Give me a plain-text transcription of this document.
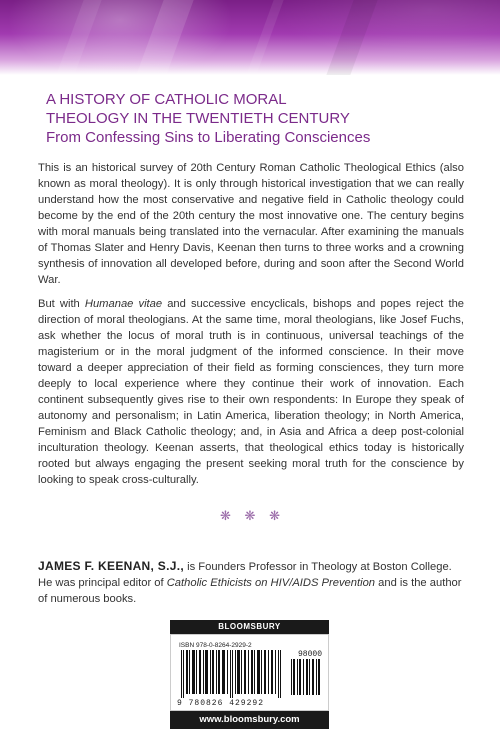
A HISTORY OF CATHOLIC MORAL
THEOLOGY IN THE TWENTIETH CENTURY
From Confessing Sins to Liberating Consciences

This is an historical survey of 20th Century Roman Catholic Theological Ethics (also known as moral theology). It is only through historical investigation that we can really understand how the most conservative and negative field in Catholic theology could become by the end of the 20th century the most innovative one. The century begins with moral manuals being translated into the vernacular. After examining the manuals of Thomas Slater and Henry Davis, Keenan then turns to three works and a crowning synthesis of innovation all developed before, during and soon after the Second World War.

But with Humanae vitae and successive encyclicals, bishops and popes reject the direction of moral theologians. At the same time, moral theologians, like Josef Fuchs, ask whether the locus of moral truth is in continuous, universal teachings of the magisterium or in the moral judgment of the informed conscience. In their move toward a deeper appreciation of their field as forming consciences, they turn more deeply to local experience where they continue their work of innovation. Each continent subsequently gives rise to their own respondents: In Europe they speak of autonomy and personalism; in Latin America, liberation theology; in North America, Feminism and Black Catholic theology; and, in Asia and Africa a deep post-colonial inculturation theology. Keenan asserts, that theological ethics today is historically rooted but always engaging the present seeking moral truth for the conscience by looking to speak cross-culturally.

❋ ❋ ❋
JAMES F. KEENAN, S.J., is Founders Professor in Theology at Boston College. He was principal editor of Catholic Ethicists on HIV/AIDS Prevention and is the author of numerous books.
BLOOMSBURY
ISBN 978-0-8264-2929-2
98000
9 780826 429292
www.bloomsbury.com
